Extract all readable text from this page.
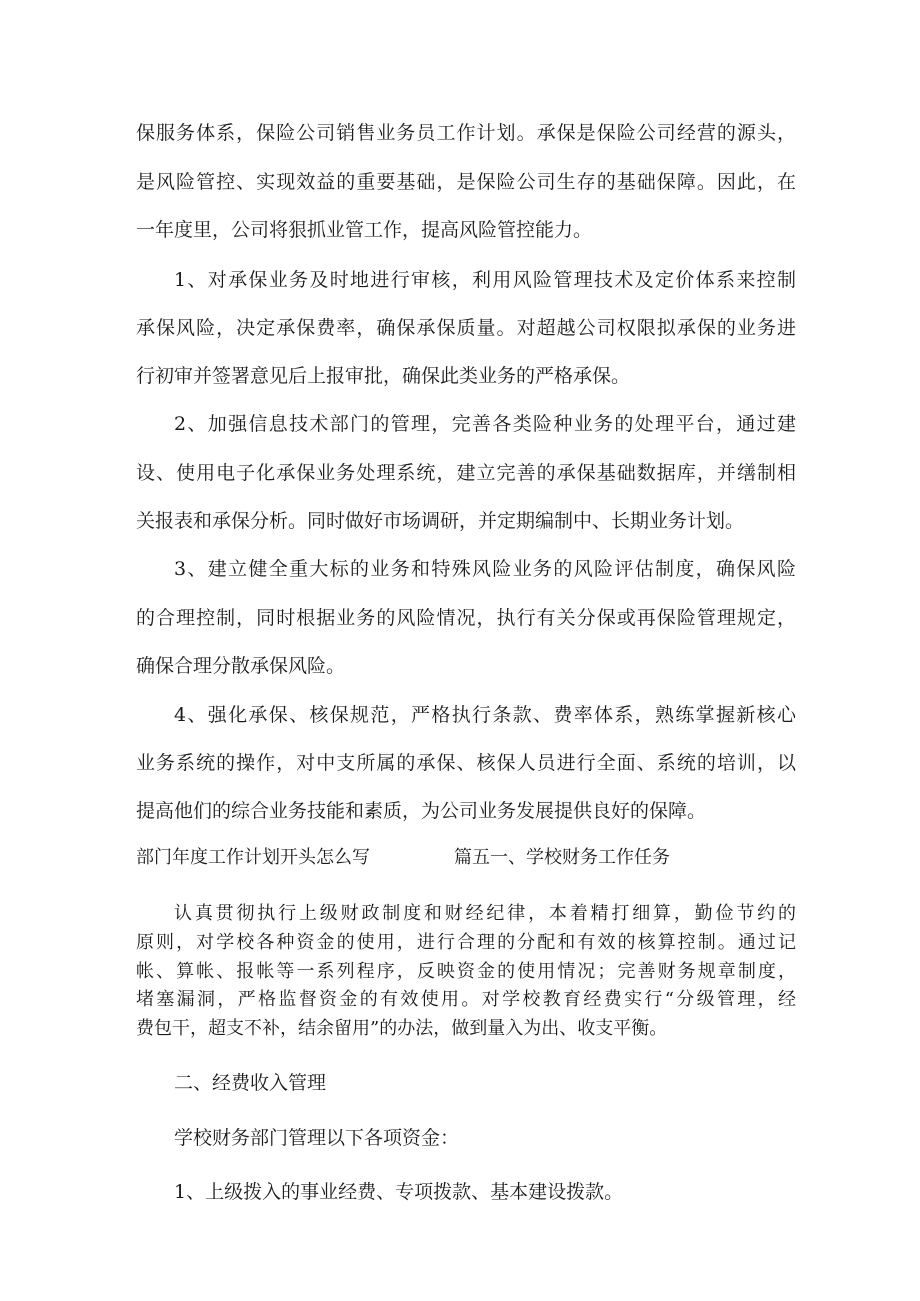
保服务体系，保险公司销售业务员工作计划。承保是保险公司经营的源头，
是风险管控、实现效益的重要基础，是保险公司生存的基础保障。因此，在
一年度里，公司将狠抓业管工作，提高风险管控能力。
1、对承保业务及时地进行审核，利用风险管理技术及定价体系来控制
承保风险，决定承保费率，确保承保质量。对超越公司权限拟承保的业务进
行初审并签署意见后上报审批，确保此类业务的严格承保。
2、加强信息技术部门的管理，完善各类险种业务的处理平台，通过建
设、使用电子化承保业务处理系统，建立完善的承保基础数据库，并缮制相
关报表和承保分析。同时做好市场调研，并定期编制中、长期业务计划。
3、建立健全重大标的业务和特殊风险业务的风险评估制度，确保风险
的合理控制，同时根据业务的风险情况，执行有关分保或再保险管理规定，
确保合理分散承保风险。
4、强化承保、核保规范，严格执行条款、费率体系，熟练掌握新核心
业务系统的操作，对中支所属的承保、核保人员进行全面、系统的培训，以
提高他们的综合业务技能和素质，为公司业务发展提供良好的保障。
部门年度工作计划开头怎么写	篇五一、学校财务工作任务
认真贯彻执行上级财政制度和财经纪律，本着精打细算，勤俭节约的
原则，对学校各种资金的使用，进行合理的分配和有效的核算控制。通过记
帐、算帐、报帐等一系列程序，反映资金的使用情况；完善财务规章制度，
堵塞漏洞，严格监督资金的有效使用。对学校教育经费实行“分级管理，经
费包干，超支不补，结余留用”的办法，做到量入为出、收支平衡。
二、经费收入管理
学校财务部门管理以下各项资金：
1、上级拨入的事业经费、专项拨款、基本建设拨款。
